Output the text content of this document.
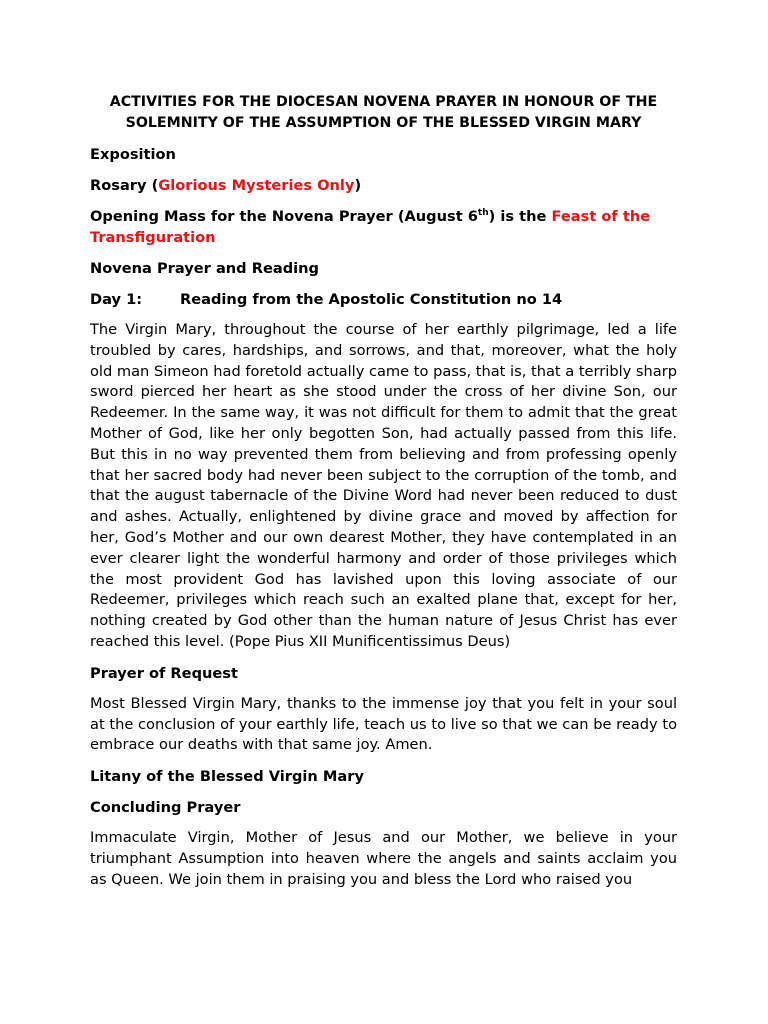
ACTIVITIES FOR THE DIOCESAN NOVENA PRAYER IN HONOUR OF THE SOLEMNITY OF THE ASSUMPTION OF THE BLESSED VIRGIN MARY
Exposition
Rosary (Glorious Mysteries Only)
Opening Mass for the Novena Prayer (August 6th) is the Feast of the Transfiguration
Novena Prayer and Reading
Day 1:	Reading from the Apostolic Constitution no 14
The Virgin Mary, throughout the course of her earthly pilgrimage, led a life troubled by cares, hardships, and sorrows, and that, moreover, what the holy old man Simeon had foretold actually came to pass, that is, that a terribly sharp sword pierced her heart as she stood under the cross of her divine Son, our Redeemer. In the same way, it was not difficult for them to admit that the great Mother of God, like her only begotten Son, had actually passed from this life. But this in no way prevented them from believing and from professing openly that her sacred body had never been subject to the corruption of the tomb, and that the august tabernacle of the Divine Word had never been reduced to dust and ashes. Actually, enlightened by divine grace and moved by affection for her, God’s Mother and our own dearest Mother, they have contemplated in an ever clearer light the wonderful harmony and order of those privileges which the most provident God has lavished upon this loving associate of our Redeemer, privileges which reach such an exalted plane that, except for her, nothing created by God other than the human nature of Jesus Christ has ever reached this level. (Pope Pius XII Munificentissimus Deus)
Prayer of Request
Most Blessed Virgin Mary, thanks to the immense joy that you felt in your soul at the conclusion of your earthly life, teach us to live so that we can be ready to embrace our deaths with that same joy. Amen.
Litany of the Blessed Virgin Mary
Concluding Prayer
Immaculate Virgin, Mother of Jesus and our Mother, we believe in your triumphant Assumption into heaven where the angels and saints acclaim you as Queen. We join them in praising you and bless the Lord who raised you
